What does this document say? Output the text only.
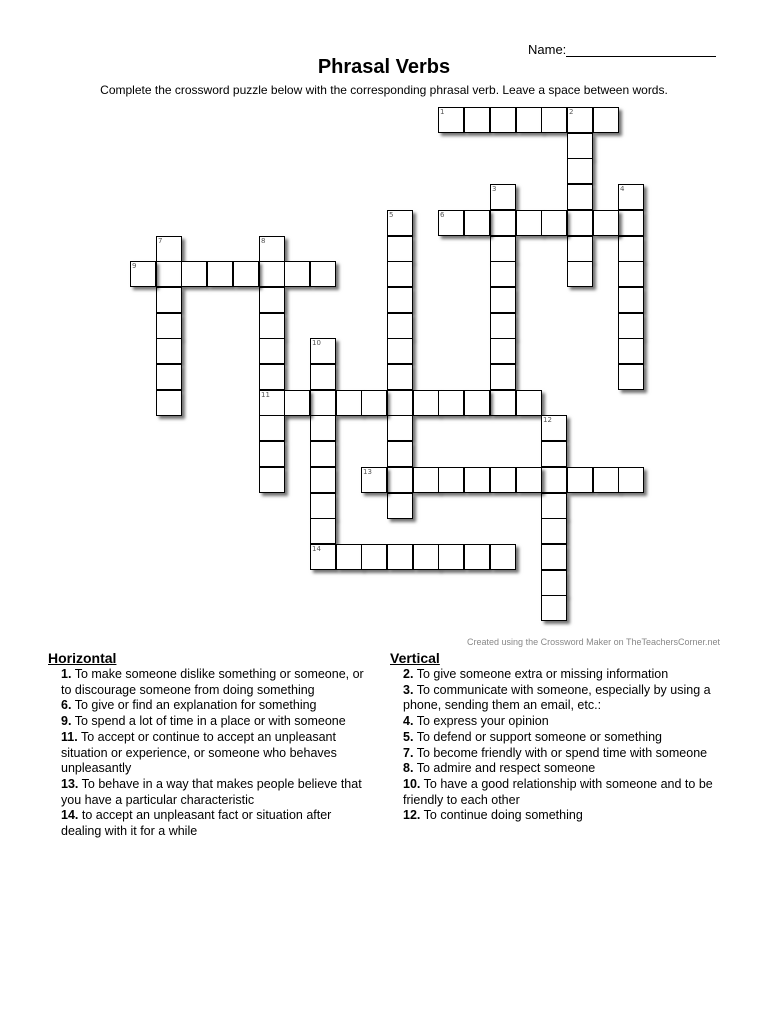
Name:
Phrasal Verbs
Complete the crossword puzzle below with the corresponding phrasal verb. Leave a space between words.
1	2
3	4
5	6
7	8
11
9
10
14
12
13
Created using the Crossword Maker on TheTeachersCorner.net
Horizontal
1. To make someone dislike something or someone, or to discourage someone from doing something
6. To give or find an explanation for something
9. To spend a lot of time in a place or with someone
11. To accept or continue to accept an unpleasant situation or experience, or someone who behaves unpleasantly
13. To behave in a way that makes people believe that you have a particular characteristic
14. to accept an unpleasant fact or situation after dealing with it for a while
Vertical
2. To give someone extra or missing information
3. To communicate with someone, especially by using a phone, sending them an email, etc.:
4. To express your opinion
5. To defend or support someone or something
7. To become friendly with or spend time with someone
8. To admire and respect someone
10. To have a good relationship with someone and to be friendly to each other
12. To continue doing something
